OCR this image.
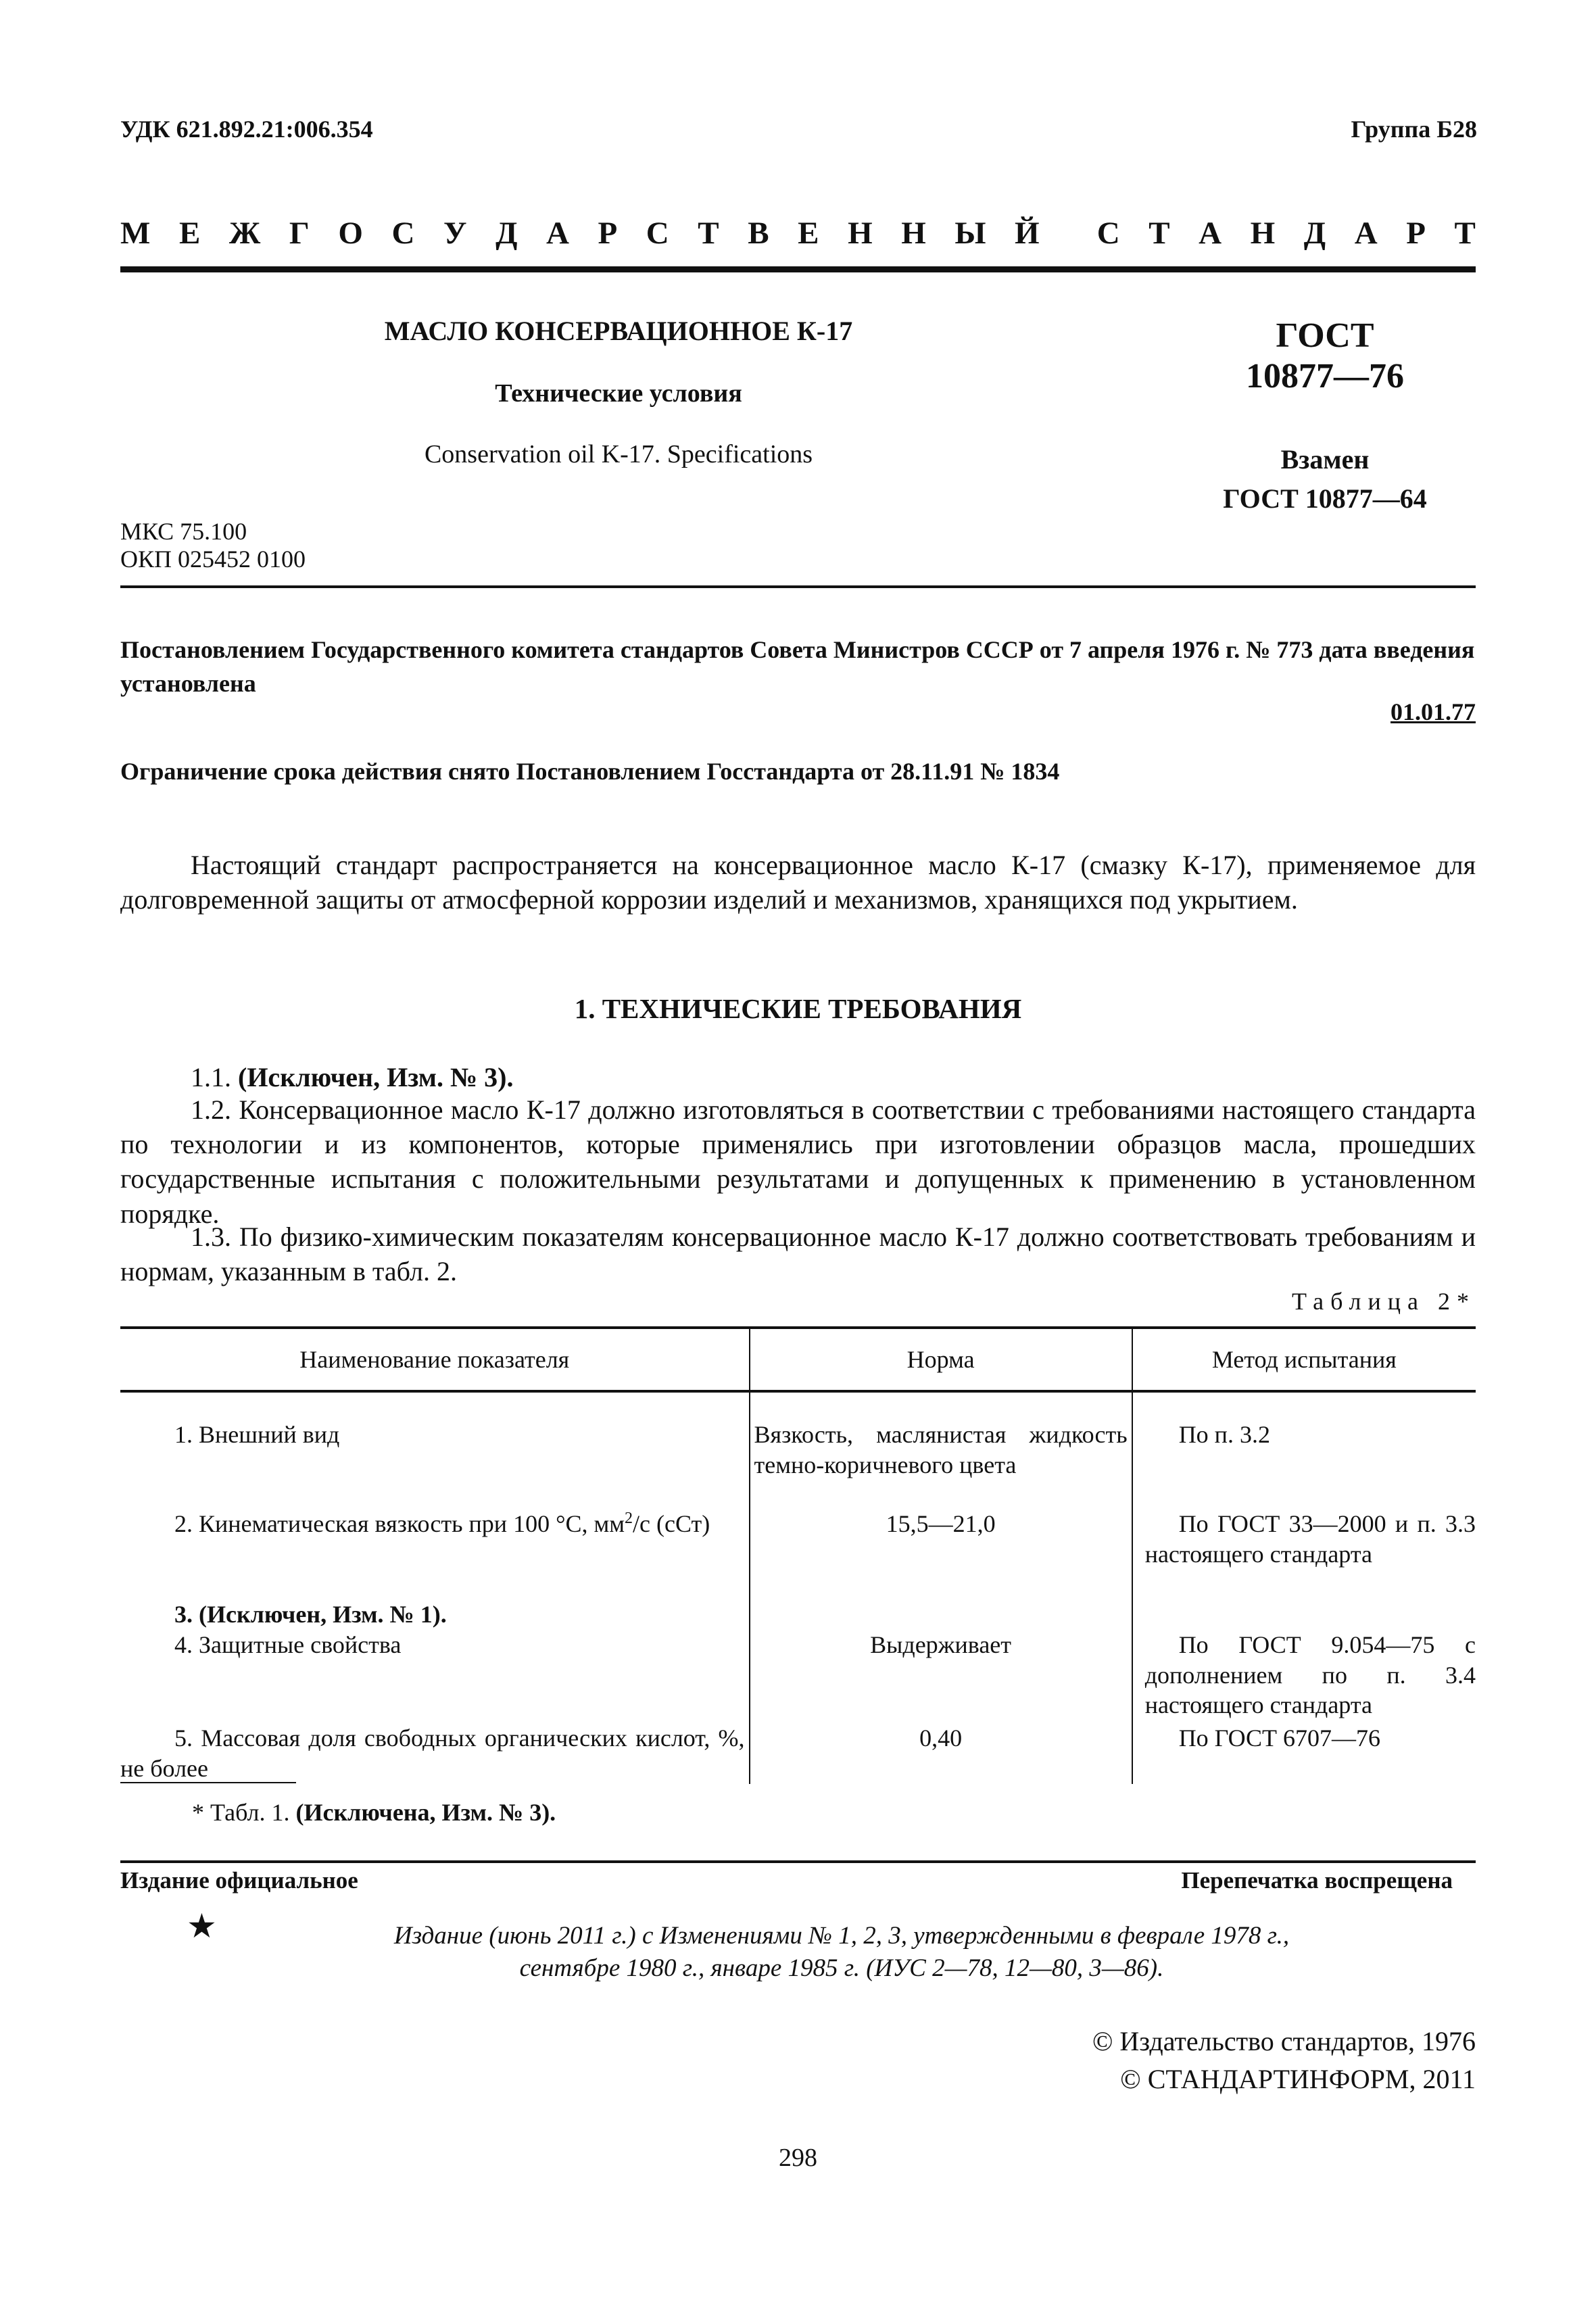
УДК 621.892.21:006.354	Группа Б28
М Е Ж Г О С У Д А Р С Т В Е Н Н Ы Й С Т А Н Д А Р Т
МАСЛО КОНСЕРВАЦИОННОЕ К-17
Технические условия
Conservation oil K-17. Specifications
ГОСТ
10877—76
Взамен
ГОСТ 10877—64
МКС 75.100
ОКП 025452 0100

Постановлением Государственного комитета стандартов Совета Министров СССР от 7 апреля 1976 г. № 773 дата введения установлена

01.01.77

Ограничение срока действия снято Постановлением Госстандарта от 28.11.91 № 1834

Настоящий стандарт распространяется на консервационное масло К-17 (смазку К-17), применяемое для долговременной защиты от атмосферной коррозии изделий и механизмов, хранящихся под укрытием.

1. ТЕХНИЧЕСКИЕ ТРЕБОВАНИЯ

1.1. (Исключен, Изм. № 3).

1.2. Консервационное масло К-17 должно изготовляться в соответствии с требованиями настоящего стандарта по технологии и из компонентов, которые применялись при изготовлении образцов масла, прошедших государственные испытания с положительными результатами и допущенных к применению в установленном порядке.

1.3. По физико-химическим показателям консервационное масло К-17 должно соответствовать требованиям и нормам, указанным в табл. 2.

Таблица 2*
Наименование показателя	Норма	Метод испытания

1. Внешний вид	Вязкость, маслянистая жидкость темно-коричневого цвета	По п. 3.2

2. Кинематическая вязкость при 100 °С, $мм^2/с$ (сСт)	15,5—21,0	По ГОСТ 33—2000 и п. 3.3 настоящего стандарта

3. (Исключен, Изм. № 1).		

4. Защитные свойства	Выдерживает	По ГОСТ 9.054—75 с дополнением по п. 3.4 настоящего стандарта

5. Массовая доля свободных органических кислот, %, не более	0,40	По ГОСТ 6707—76
* Табл. 1. (Исключена, Изм. № 3).
Издание официальное	Перепечатка воспрещена
★	Издание (июнь 2011 г.) с Изменениями № 1, 2, 3, утвержденными в феврале 1978 г.,
сентябре 1980 г., январе 1985 г. (ИУС 2—78, 12—80, 3—86).
© Издательство стандартов, 1976
© СТАНДАРТИНФОРМ, 2011
298
